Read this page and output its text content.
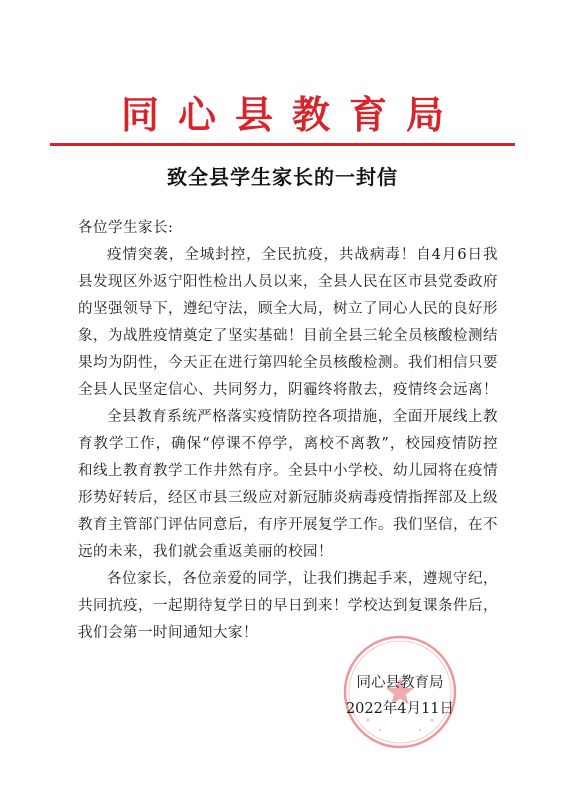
同心县教育局
致全县学生家长的一封信

各位学生家长:

疫情突袭，全城封控，全民抗疫，共战病毒！自4月6日我县发现区外返宁阳性检出人员以来，全县人民在区市县党委政府的坚强领导下，遵纪守法，顾全大局，树立了同心人民的良好形象，为战胜疫情奠定了坚实基础！目前全县三轮全员核酸检测结果均为阴性，今天正在进行第四轮全员核酸检测。我们相信只要全县人民坚定信心、共同努力，阴霾终将散去，疫情终会远离！

全县教育系统严格落实疫情防控各项措施，全面开展线上教育教学工作，确保“停课不停学，离校不离教”，校园疫情防控和线上教育教学工作井然有序。全县中小学校、幼儿园将在疫情形势好转后，经区市县三级应对新冠肺炎病毒疫情指挥部及上级教育主管部门评估同意后，有序开展复学工作。我们坚信，在不远的未来，我们就会重返美丽的校园！

各位家长，各位亲爱的同学，让我们携起手来，遵规守纪，共同抗疫，一起期待复学日的早日到来！学校达到复课条件后，我们会第一时间通知大家！

同心县教育局
2022年4月11日
